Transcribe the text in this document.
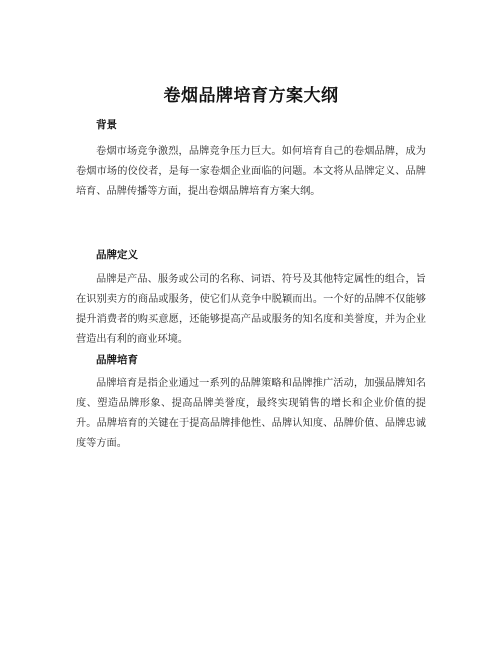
卷烟品牌培育方案大纲
背景
卷烟市场竞争激烈，品牌竞争压力巨大。如何培育自己的卷烟品牌，成为卷烟市场的佼佼者，是每一家卷烟企业面临的问题。本文将从品牌定义、品牌培育、品牌传播等方面，提出卷烟品牌培育方案大纲。
品牌定义
品牌是产品、服务或公司的名称、词语、符号及其他特定属性的组合，旨在识别卖方的商品或服务，使它们从竞争中脱颖而出。一个好的品牌不仅能够提升消费者的购买意愿，还能够提高产品或服务的知名度和美誉度，并为企业营造出有利的商业环境。
品牌培育
品牌培育是指企业通过一系列的品牌策略和品牌推广活动，加强品牌知名度、塑造品牌形象、提高品牌美誉度，最终实现销售的增长和企业价值的提升。品牌培育的关键在于提高品牌排他性、品牌认知度、品牌价值、品牌忠诚度等方面。
